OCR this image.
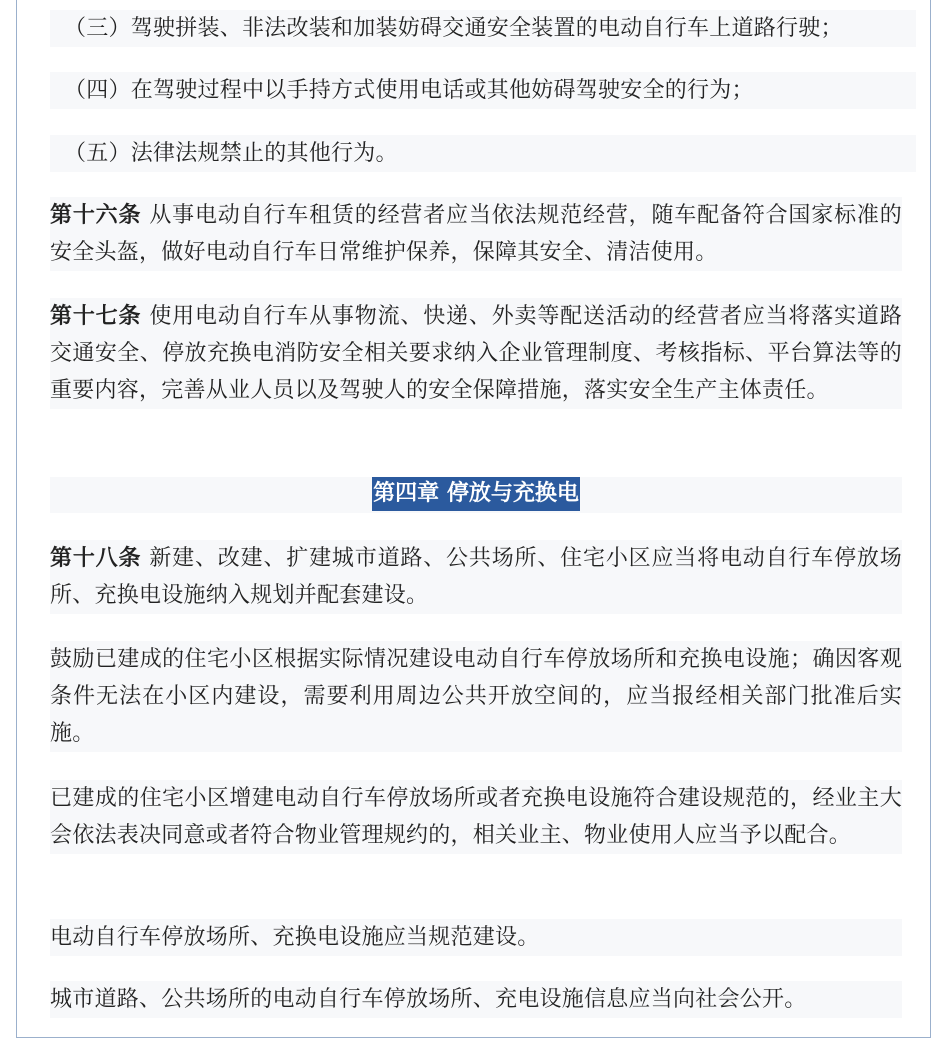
（三）驾驶拼装、非法改装和加装妨碍交通安全装置的电动自行车上道路行驶；

（四）在驾驶过程中以手持方式使用电话或其他妨碍驾驶安全的行为；

（五）法律法规禁止的其他行为。

第十六条 从事电动自行车租赁的经营者应当依法规范经营，随车配备符合国家标准的安全头盔，做好电动自行车日常维护保养，保障其安全、清洁使用。

第十七条 使用电动自行车从事物流、快递、外卖等配送活动的经营者应当将落实道路交通安全、停放充换电消防安全相关要求纳入企业管理制度、考核指标、平台算法等的重要内容，完善从业人员以及驾驶人的安全保障措施，落实安全生产主体责任。

第四章 停放与充换电

第十八条 新建、改建、扩建城市道路、公共场所、住宅小区应当将电动自行车停放场所、充换电设施纳入规划并配套建设。

鼓励已建成的住宅小区根据实际情况建设电动自行车停放场所和充换电设施；确因客观条件无法在小区内建设，需要利用周边公共开放空间的，应当报经相关部门批准后实施。

已建成的住宅小区增建电动自行车停放场所或者充换电设施符合建设规范的，经业主大会依法表决同意或者符合物业管理规约的，相关业主、物业使用人应当予以配合。

电动自行车停放场所、充换电设施应当规范建设。

城市道路、公共场所的电动自行车停放场所、充电设施信息应当向社会公开。
